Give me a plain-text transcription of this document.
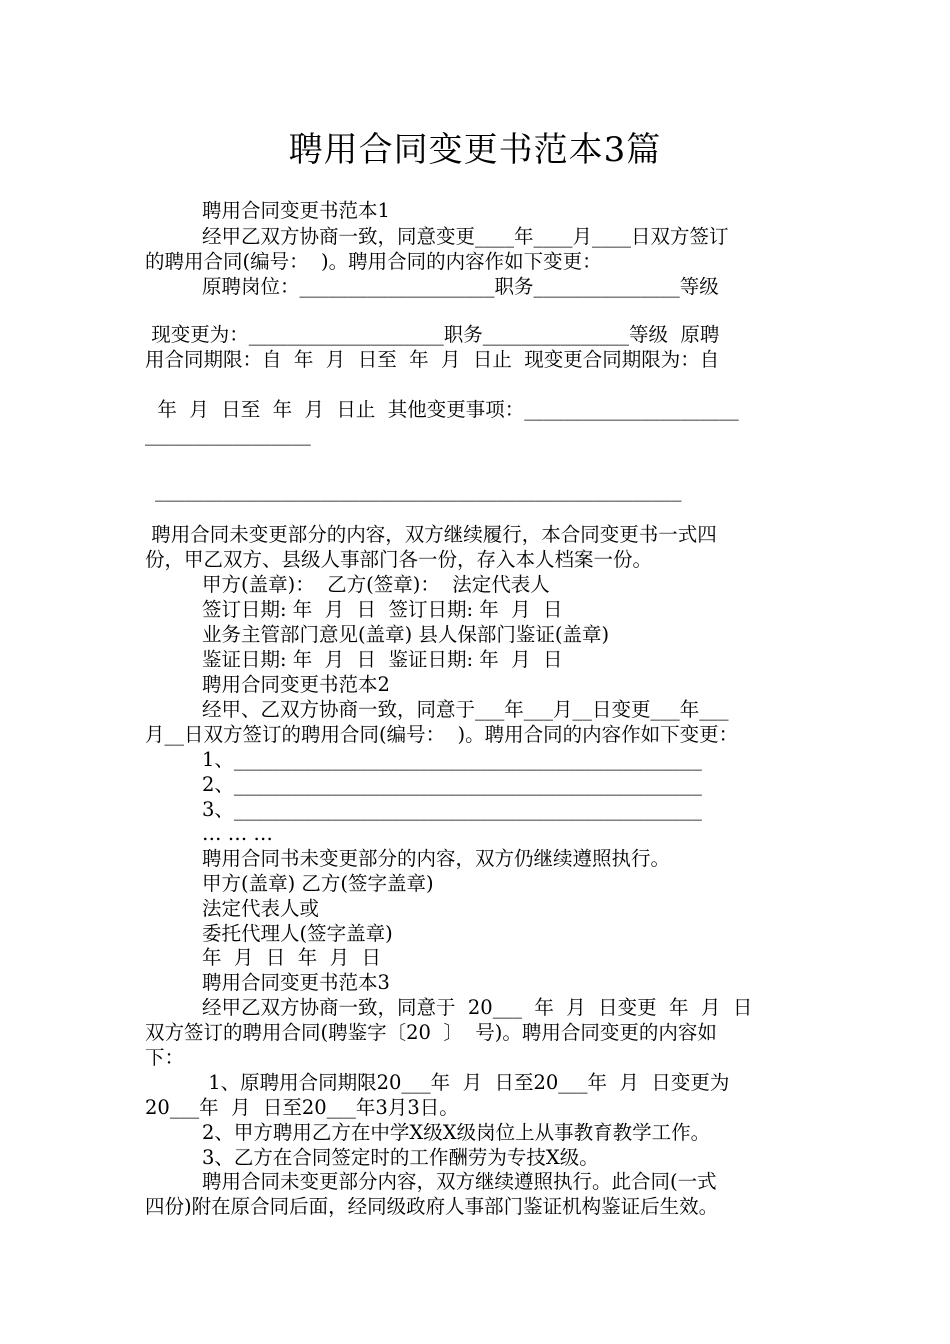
聘用合同变更书范本3篇
聘用合同变更书范本1
经甲乙双方协商一致，同意变更____年____月____日双方签订
的聘用合同(编号：  )。聘用合同的内容作如下变更：
原聘岗位：____________________职务_______________等级
现变更为：____________________职务_______________等级  原聘
用合同期限：自  年  月  日至  年  月  日止  现变更合同期限为：自
年  月  日至  年  月  日止  其他变更事项：______________________
_________________
______________________________________________________
聘用合同未变更部分的内容，双方继续履行，本合同变更书一式四
份，甲乙双方、县级人事部门各一份，存入本人档案一份。
甲方(盖章)：  乙方(签章)：  法定代表人
签订日期: 年  月  日  签订日期: 年  月  日
业务主管部门意见(盖章) 县人保部门鉴证(盖章)
鉴证日期: 年  月  日  鉴证日期: 年  月  日
聘用合同变更书范本2
经甲、乙双方协商一致，同意于___年___月__日变更___年___
月__日双方签订的聘用合同(编号：  )。聘用合同的内容作如下变更：
1、________________________________________________
2、________________________________________________
3、________________________________________________
… … …
聘用合同书未变更部分的内容，双方仍继续遵照执行。
甲方(盖章) 乙方(签字盖章)
法定代表人或
委托代理人(签字盖章)
年  月  日  年  月  日
聘用合同变更书范本3
经甲乙双方协商一致，同意于  20___  年  月  日变更  年  月  日
双方签订的聘用合同(聘鉴字〔20  〕  号)。聘用合同变更的内容如
下：
1、原聘用合同期限20___年  月  日至20___年  月  日变更为
20___年  月  日至20___年3月3日。
2、甲方聘用乙方在中学X级X级岗位上从事教育教学工作。
3、乙方在合同签定时的工作酬劳为专技X级。
聘用合同未变更部分内容，双方继续遵照执行。此合同(一式
四份)附在原合同后面，经同级政府人事部门鉴证机构鉴证后生效。
